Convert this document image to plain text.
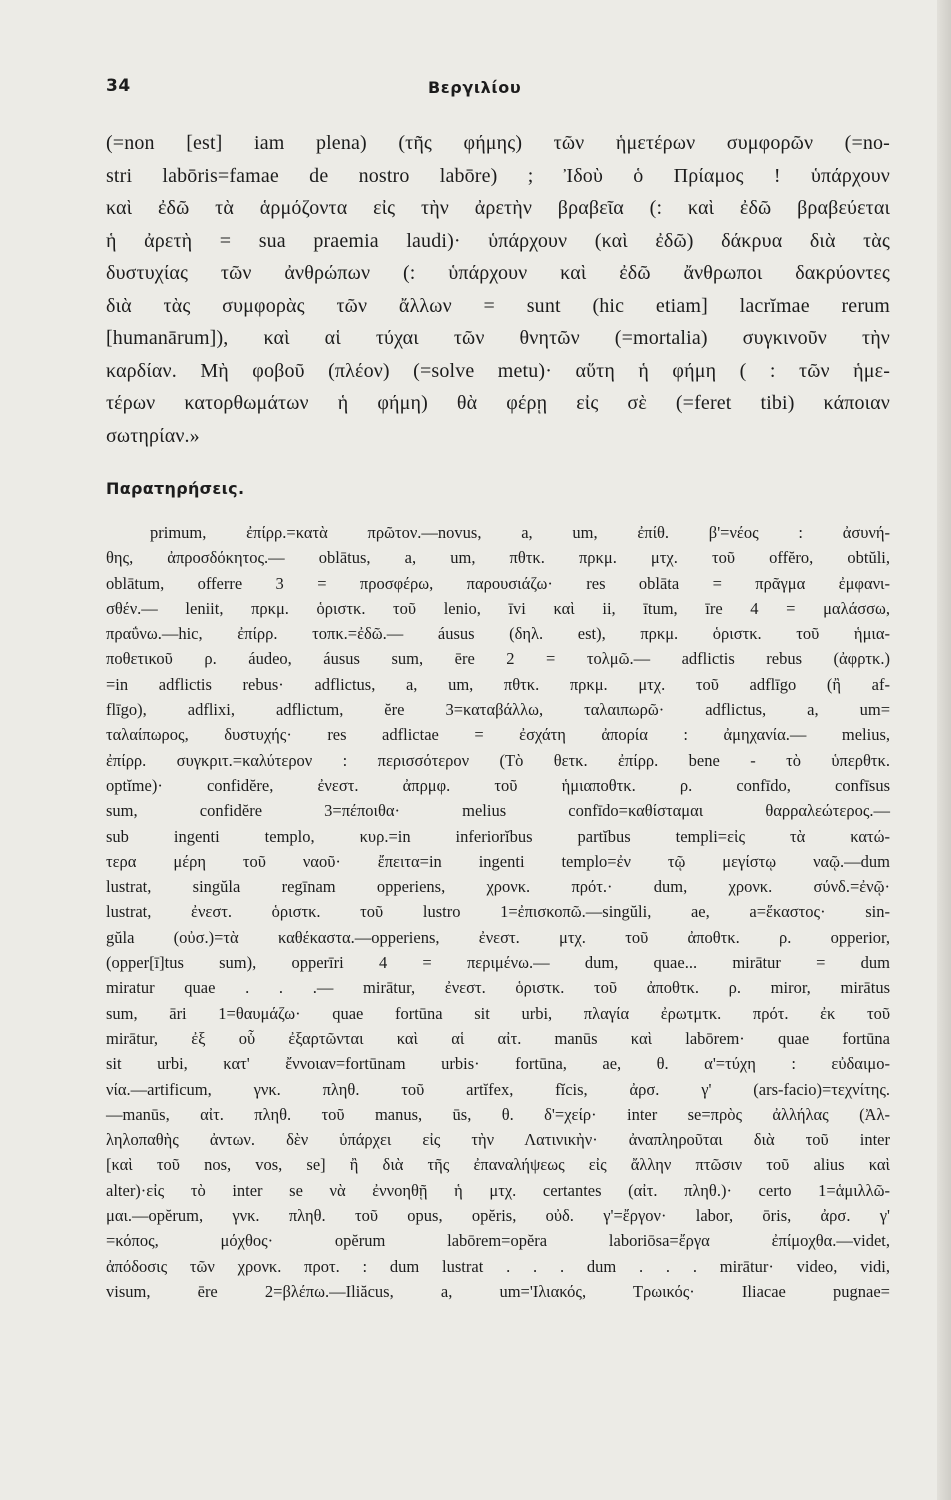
34	Βεργιλίου
(=non [est] iam plena) (τῆς φήμης) τῶν ἡμετέρων συμφορῶν (=no-
stri labōris=famae de nostro labōre) ; Ἰδοὺ ὁ Πρίαμος ! ὑπάρχουν
καὶ ἐδῶ τὰ ἁρμόζοντα εἰς τὴν ἀρετὴν βραβεῖα (: καὶ ἐδῶ βραβεύεται
ἡ ἀρετὴ = sua praemia laudi)· ὑπάρχουν (καὶ ἐδῶ) δάκρυα διὰ τὰς
δυστυχίας τῶν ἀνθρώπων (: ὑπάρχουν καὶ ἐδῶ ἄνθρωποι δακρύοντες
διὰ τὰς συμφορὰς τῶν ἄλλων = sunt (hic etiam] lacrĭmae rerum
[humanārum]), καὶ αἱ τύχαι τῶν θνητῶν (=mortalia) συγκινοῦν τὴν
καρδίαν. Μὴ φοβοῦ (πλέον) (=solve metu)· αὕτη ἡ φήμη ( : τῶν ἡμε-
τέρων κατορθωμάτων ἡ φήμη) θὰ φέρῃ εἰς σὲ (=feret tibi) κάποιαν
σωτηρίαν.»
Παρατηρήσεις.
primum, ἐπίρρ.=κατὰ πρῶτον.—novus, a, um, ἐπίθ. β'=νέος : ἀσυνή-
θης, ἀπροσδόκητος.— oblātus, a, um, πθτκ. πρκμ. μτχ. τοῦ offĕro, obtŭli,
oblātum, offerre 3 = προσφέρω, παρουσιάζω· res oblāta = πρᾶγμα ἐμφανι-
σθέν.— leniit, πρκμ. ὁριστκ. τοῦ lenio, īvi καὶ ii, ītum, īre 4 = μαλάσσω,
πραΰνω.—hic, ἐπίρρ. τοπκ.=ἐδῶ.— áusus (δηλ. est), πρκμ. ὁριστκ. τοῦ ἡμια-
ποθετικοῦ ρ. áudeo, áusus sum, ēre 2 = τολμῶ.— adflictis rebus (ἀφρτκ.)
=in adflictis rebus· adflictus, a, um, πθτκ. πρκμ. μτχ. τοῦ adflīgo (ἢ af-
flīgo), adflixi, adflictum, ĕre 3=καταβάλλω, ταλαιπωρῶ· adflictus, a, um=
ταλαίπωρος, δυστυχής· res adflictae = ἐσχάτη ἀπορία : ἀμηχανία.— melius,
ἐπίρρ. συγκριτ.=καλύτερον : περισσότερον (Τὸ θετκ. ἐπίρρ. bene - τὸ ὑπερθτκ.
optĭme)· confidĕre, ἐνεστ. ἀπρμφ. τοῦ ἡμιαποθτκ. ρ. confīdo, confīsus
sum, confidĕre 3=πέποιθα· melius confīdo=καθίσταμαι θαρραλεώτερος.—
sub ingenti templo, κυρ.=in inferiorĭbus partĭbus templi=εἰς τὰ κατώ-
τερα μέρη τοῦ ναοῦ· ἔπειτα=in ingenti templo=ἐν τῷ μεγίστῳ ναῷ.—dum
lustrat, singŭla regīnam opperiens, χρονκ. πρότ.· dum, χρονκ. σύνδ.=ἐνῷ·
lustrat, ἐνεστ. ὁριστκ. τοῦ lustro 1=ἐπισκοπῶ.—singŭli, ae, a=ἕκαστος· sin-
gŭla (οὐσ.)=τὰ καθέκαστα.—opperiens, ἐνεστ. μτχ. τοῦ ἀποθτκ. ρ. opperior,
(opper[ī]tus sum), opperīri 4 = περιμένω.— dum, quae... mirātur = dum
miratur quae . . .— mirātur, ἐνεστ. ὁριστκ. τοῦ ἀποθτκ. ρ. miror, mirātus
sum, āri 1=θαυμάζω· quae fortūna sit urbi, πλαγία ἐρωτμτκ. πρότ. ἐκ τοῦ
mirātur, ἐξ οὗ ἐξαρτῶνται καὶ αἱ αἰτ. manūs καὶ labōrem· quae fortūna
sit urbi, κατ' ἔννοιαν=fortūnam urbis· fortūna, ae, θ. α'=τύχη : εὐδαιμο-
νία.—artificum, γνκ. πληθ. τοῦ artĭfex, fĭcis, ἀρσ. γ' (ars-facio)=τεχνίτης.
—manūs, αἰτ. πληθ. τοῦ manus, ūs, θ. δ'=χείρ· inter se=πρὸς ἀλλήλας (Ἀλ-
ληλοπαθὴς ἀντων. δὲν ὑπάρχει εἰς τὴν Λατινικὴν· ἀναπληροῦται διὰ τοῦ inter
[καὶ τοῦ nos, vos, se] ἢ διὰ τῆς ἐπαναλήψεως εἰς ἄλλην πτῶσιν τοῦ alius καὶ
alter)·εἰς τὸ inter se νὰ ἐννοηθῇ ἡ μτχ. certantes (αἰτ. πληθ.)· certo 1=ἁμιλλῶ-
μαι.—opĕrum, γνκ. πληθ. τοῦ opus, opĕris, οὐδ. γ'=ἔργον· labor, ōris, ἀρσ. γ'
=κόπος, μόχθος· opĕrum labōrem=opĕra laboriōsa=ἔργα ἐπίμοχθα.—videt,
ἀπόδοσις τῶν χρονκ. προτ. : dum lustrat . . . dum . . . mirātur· video, vidi,
visum, ēre 2=βλέπω.—Iliăcus, a, um='Ιλιακός, Τρωικός· Iliacae pugnae=
